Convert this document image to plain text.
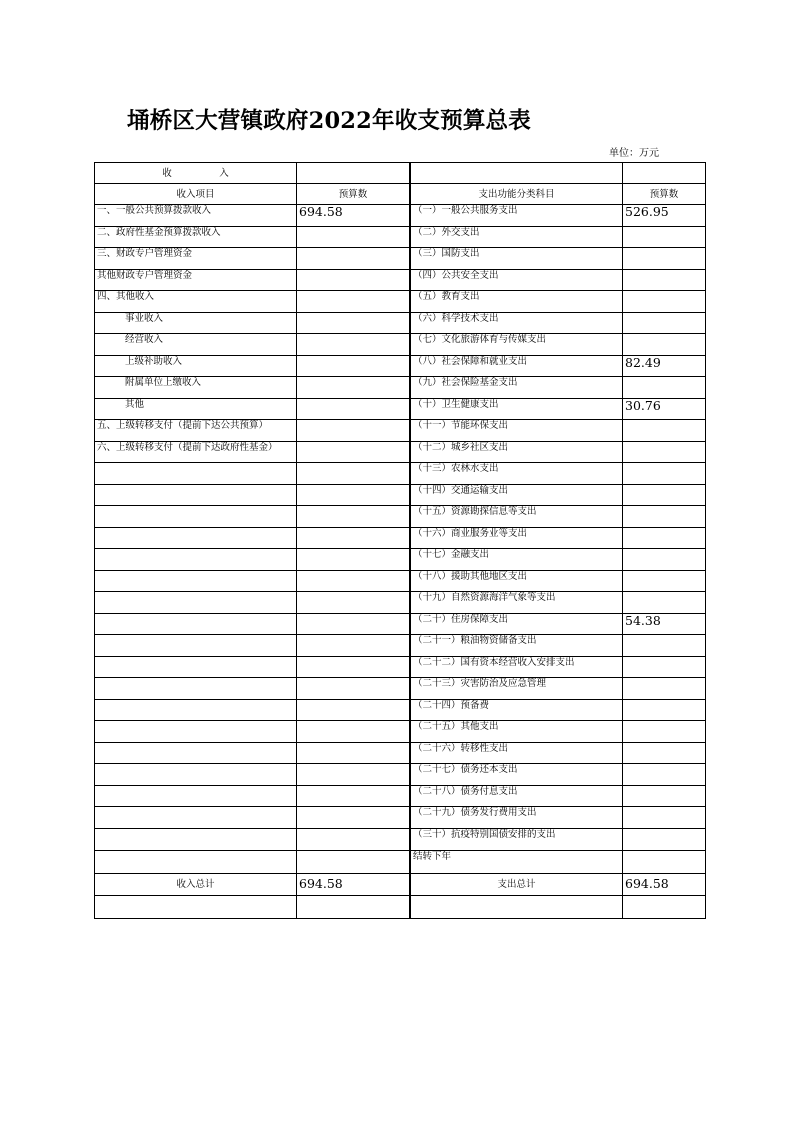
埇桥区大营镇政府2022年收支预算总表
单位：万元
收　　　　　入				
收入项目	预算数		支出功能分类科目	预算数
一、一般公共预算拨款收入	694.58		（一）一般公共服务支出	526.95
二、政府性基金预算拨款收入			（二）外交支出	
三、财政专户管理资金			（三）国防支出	
其他财政专户管理资金			（四）公共安全支出	
四、其他收入			（五）教育支出	
事业收入			（六）科学技术支出	
经营收入			（七）文化旅游体育与传媒支出	
上级补助收入			（八）社会保障和就业支出	82.49
附属单位上缴收入			（九）社会保险基金支出	
其他			（十）卫生健康支出	30.76
五、上级转移支付（提前下达公共预算）			（十一）节能环保支出	
六、上级转移支付（提前下达政府性基金）			（十二）城乡社区支出	
			（十三）农林水支出	
			（十四）交通运输支出	
			（十五）资源勘探信息等支出	
			（十六）商业服务业等支出	
			（十七）金融支出	
			（十八）援助其他地区支出	
			（十九）自然资源海洋气象等支出	
			（二十）住房保障支出	54.38
			（二十一）粮油物资储备支出	
			（二十二）国有资本经营收入安排支出	
			（二十三）灾害防治及应急管理	
			（二十四）预备费	
			（二十五）其他支出	
			（二十六）转移性支出	
			（二十七）债务还本支出	
			（二十八）债务付息支出	
			（二十九）债务发行费用支出	
			（三十）抗疫特别国债安排的支出	
			结转下年	
收入总计	694.58		支出总计	694.58
